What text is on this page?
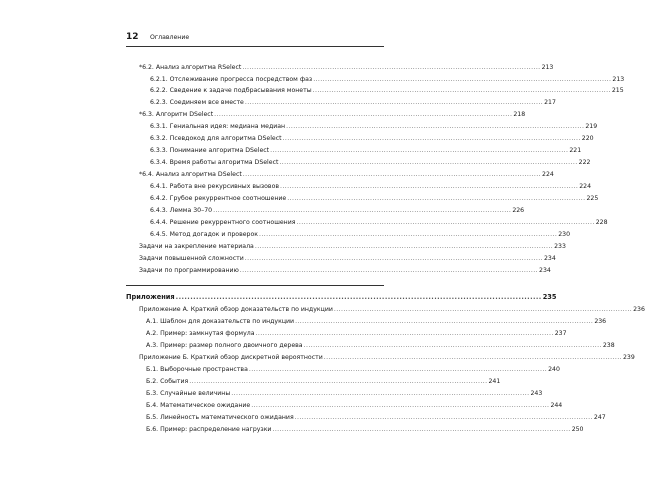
12 Оглавление
*6.2. Анализ алгоритма RSelect .............................................................................................................................. 213
6.2.1. Отслеживание прогресса посредством фаз .............................................................................................................................. 213
6.2.2. Сведение к задаче подбрасывания монеты .............................................................................................................................. 215
6.2.3. Соединяем все вместе .............................................................................................................................. 217
*6.3. Алгоритм DSelect .............................................................................................................................. 218
6.3.1. Гениальная идея: медиана медиан .............................................................................................................................. 219
6.3.2. Псевдокод для алгоритма DSelect .............................................................................................................................. 220
6.3.3. Понимание алгоритма DSelect .............................................................................................................................. 221
6.3.4. Время работы алгоритма DSelect .............................................................................................................................. 222
*6.4. Анализ алгоритма DSelect .............................................................................................................................. 224
6.4.1. Работа вне рекурсивных вызовов .............................................................................................................................. 224
6.4.2. Грубое рекуррентное соотношение .............................................................................................................................. 225
6.4.3. Лемма 30–70 .............................................................................................................................. 226
6.4.4. Решение рекуррентного соотношения .............................................................................................................................. 228
6.4.5. Метод догадок и проверок .............................................................................................................................. 230
Задачи на закрепление материала .............................................................................................................................. 233
Задачи повышенной сложности .............................................................................................................................. 234
Задачи по программированию .............................................................................................................................. 234
Приложения .............................................................................................................................. 235
Приложение А. Краткий обзор доказательств по индукции .............................................................................................................................. 236
А.1. Шаблон для доказательств по индукции .............................................................................................................................. 236
А.2. Пример: замкнутая формула .............................................................................................................................. 237
А.3. Пример: размер полного двоичного дерева .............................................................................................................................. 238
Приложение Б. Краткий обзор дискретной вероятности .............................................................................................................................. 239
Б.1. Выборочные пространства .............................................................................................................................. 240
Б.2. События .............................................................................................................................. 241
Б.3. Случайные величины .............................................................................................................................. 243
Б.4. Математическое ожидание .............................................................................................................................. 244
Б.5. Линейность математического ожидания .............................................................................................................................. 247
Б.6. Пример: распределение нагрузки .............................................................................................................................. 250
